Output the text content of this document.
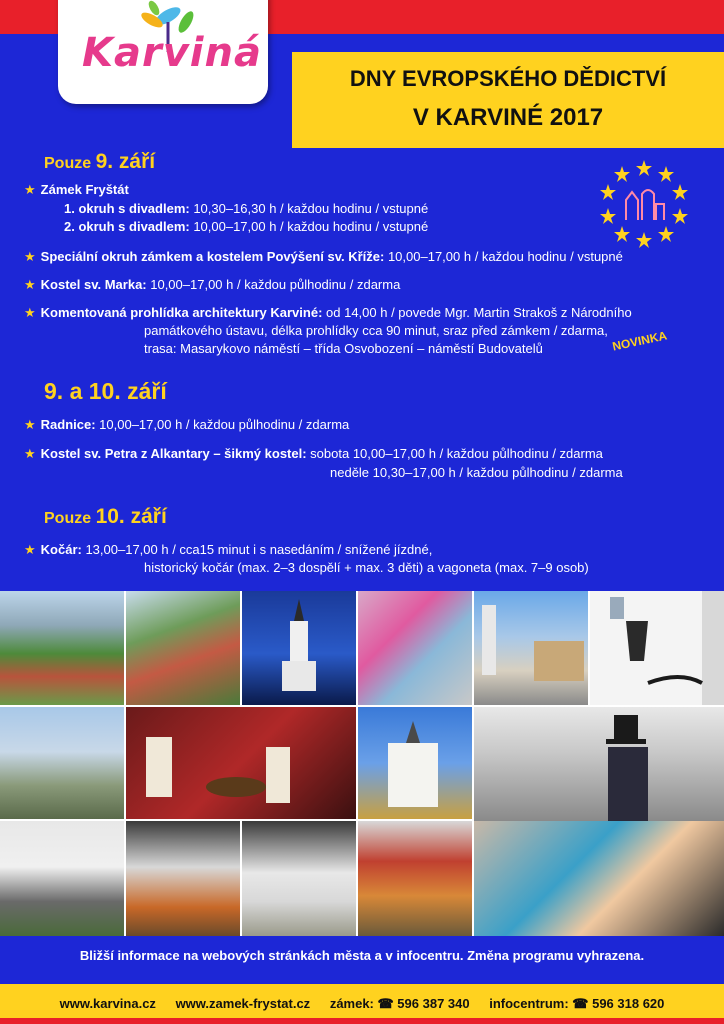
Karviná
DNY EVROPSKÉHO DĚDICTVÍ
V KARVINÉ 2017
Pouze 9. září
★ Zámek Fryštát
1. okruh s divadlem: 10,30–16,30 h / každou hodinu / vstupné
2. okruh s divadlem: 10,00–17,00 h / každou hodinu / vstupné
★ Speciální okruh zámkem a kostelem Povýšení sv. Kříže: 10,00–17,00 h / každou hodinu / vstupné
★ Kostel sv. Marka: 10,00–17,00 h / každou půlhodinu / zdarma
★ Komentovaná prohlídka architektury Karviné: od 14,00 h / povede Mgr. Martin Strakoš z Národního
památkového ústavu, délka prohlídky cca 90 minut, sraz před zámkem / zdarma,
trasa: Masarykovo náměstí – třída Osvobození – náměstí Budovatelů	NOVINKA
9. a 10. září
★ Radnice: 10,00–17,00 h / každou půlhodinu / zdarma
★ Kostel sv. Petra z Alkantary – šikmý kostel: sobota 10,00–17,00 h / každou půlhodinu / zdarma
neděle 10,30–17,00 h / každou půlhodinu / zdarma
Pouze 10. září
★ Kočár: 13,00–17,00 h / cca15 minut i s nasedáním / snížené jízdné,
historický kočár (max. 2–3 dospělí + max. 3 děti) a vagoneta (max. 7–9 osob)
Bližší informace na webových stránkách města a v infocentru. Změna programu vyhrazena.
www.karvina.cz www.zamek-frystat.cz zámek: ☎ 596 387 340 infocentrum: ☎ 596 318 620
